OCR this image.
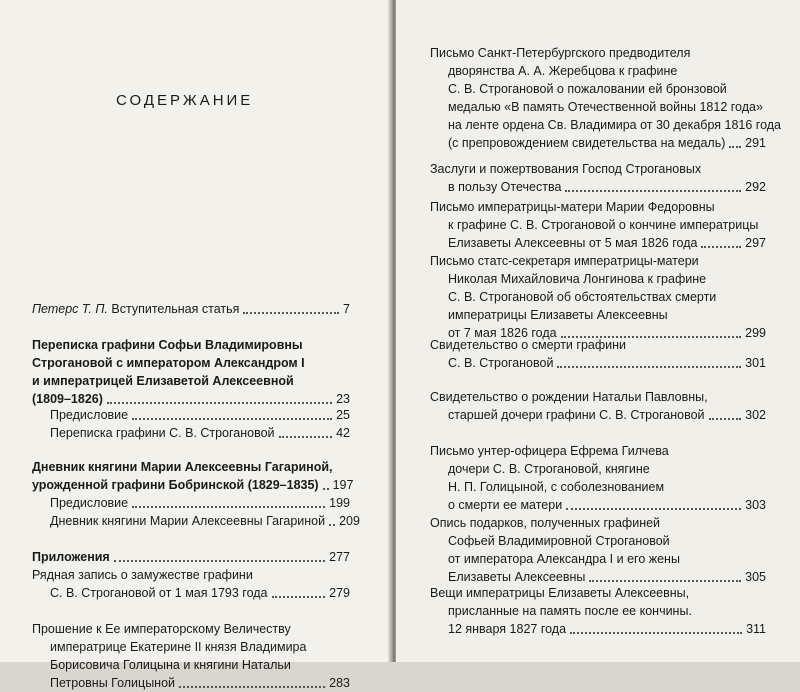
СОДЕРЖАНИЕ
Петерс Т. П. Вступительная статья	7
Переписка графини Софьи Владимировны
Строгановой с императором Александром I
и императрицей Елизаветой Алексеевной
(1809–1826)	23
Предисловие	25
Переписка графини С. В. Строгановой	42
Дневник княгини Марии Алексеевны Гагариной,
урожденной графини Бобринской (1829–1835) 197
Предисловие	199
Дневник княгини Марии Алексеевны Гагариной 209
Приложения	277
Рядная запись о замужестве графини
С. В. Строгановой от 1 мая 1793 года	279
Прошение к Ее императорскому Величеству
императрице Екатерине II князя Владимира
Борисовича Голицына и княгини Натальи
Петровны Голицыной	283
Письмо Санкт-Петербургского предводителя
дворянства А. А. Жеребцова к графине
С. В. Строгановой о пожаловании ей бронзовой
медалью «В память Отечественной войны 1812 года»
на ленте ордена Св. Владимира от 30 декабря 1816 года
(с препровождением свидетельства на медаль) 291
Заслуги и пожертвования Господ Строгановых
в пользу Отечества	292
Письмо императрицы-матери Марии Федоровны
к графине С. В. Строгановой о кончине императрицы
Елизаветы Алексеевны от 5 мая 1826 года	297
Письмо статс-секретаря императрицы-матери
Николая Михайловича Лонгинова к графине
С. В. Строгановой об обстоятельствах смерти
императрицы Елизаветы Алексеевны
от 7 мая 1826 года	299
Свидетельство о смерти графини
С. В. Строгановой	301
Свидетельство о рождении Натальи Павловны,
старшей дочери графини С. В. Строгановой	302
Письмо унтер-офицера Ефрема Гилчева
дочери С. В. Строгановой, княгине
Н. П. Голицыной, с соболезнованием
о смерти ее матери	303
Опись подарков, полученных графиней
Софьей Владимировной Строгановой
от императора Александра I и его жены
Елизаветы Алексеевны	305
Вещи императрицы Елизаветы Алексеевны,
присланные на память после ее кончины.
12 января 1827 года	311
